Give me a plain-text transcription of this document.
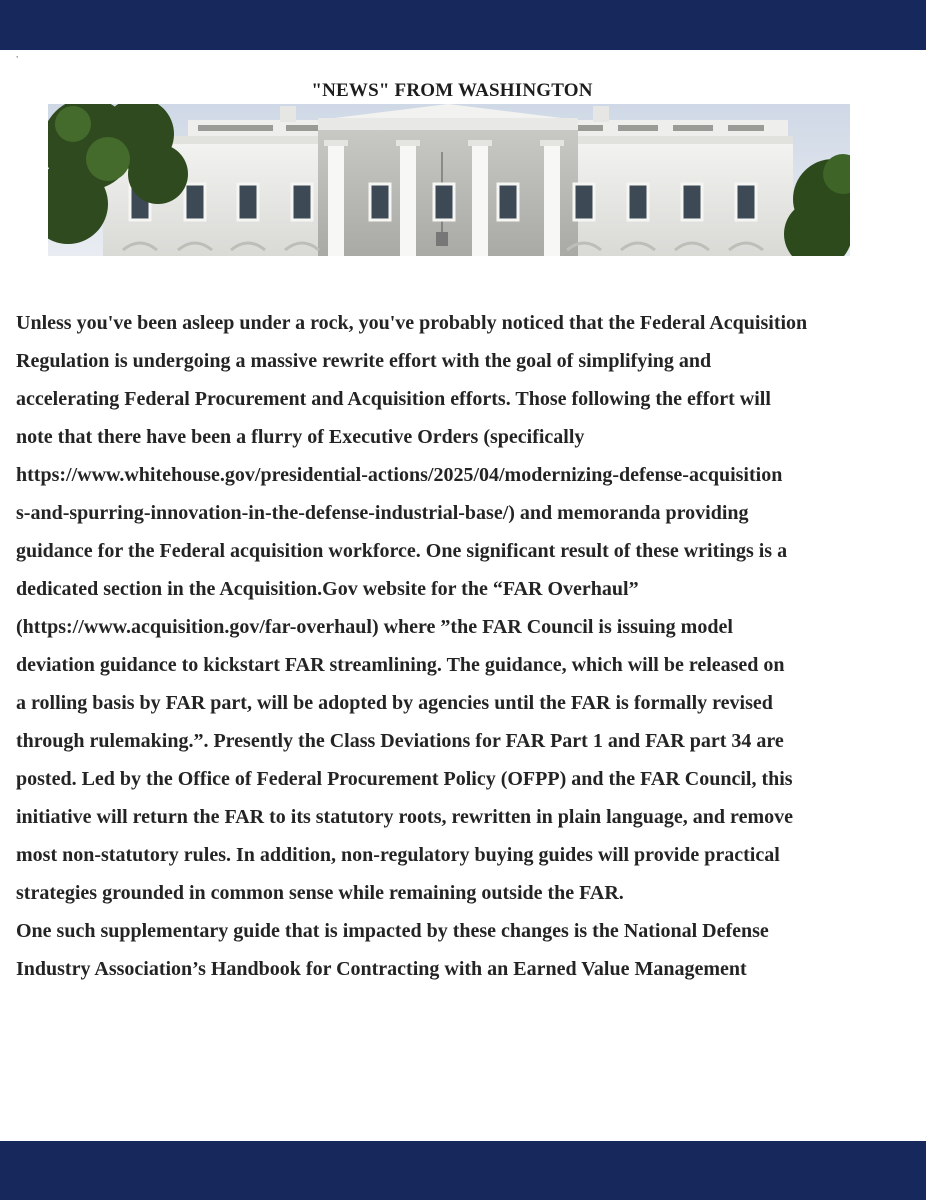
,
"NEWS" FROM WASHINGTON
Unless you've been asleep under a rock, you've probably noticed that the Federal Acquisition
Regulation is undergoing a massive rewrite effort with the goal of simplifying and
accelerating Federal Procurement and Acquisition efforts. Those following the effort will
note that there have been a flurry of Executive Orders (specifically
https://www.whitehouse.gov/presidential-actions/2025/04/modernizing-defense-acquisition
s-and-spurring-innovation-in-the-defense-industrial-base/) and memoranda providing
guidance for the Federal acquisition workforce. One significant result of these writings is a
dedicated section in the Acquisition.Gov website for the “FAR Overhaul”
(https://www.acquisition.gov/far-overhaul) where ”the FAR Council is issuing model
deviation guidance to kickstart FAR streamlining. The guidance, which will be released on
a rolling basis by FAR part, will be adopted by agencies until the FAR is formally revised
through rulemaking.”. Presently the Class Deviations for FAR Part 1 and FAR part 34 are
posted. Led by the Office of Federal Procurement Policy (OFPP) and the FAR Council, this
initiative will return the FAR to its statutory roots, rewritten in plain language, and remove
most non-statutory rules. In addition, non-regulatory buying guides will provide practical
strategies grounded in common sense while remaining outside the FAR.
One such supplementary guide that is impacted by these changes is the National Defense
Industry Association’s Handbook for Contracting with an Earned Value Management
